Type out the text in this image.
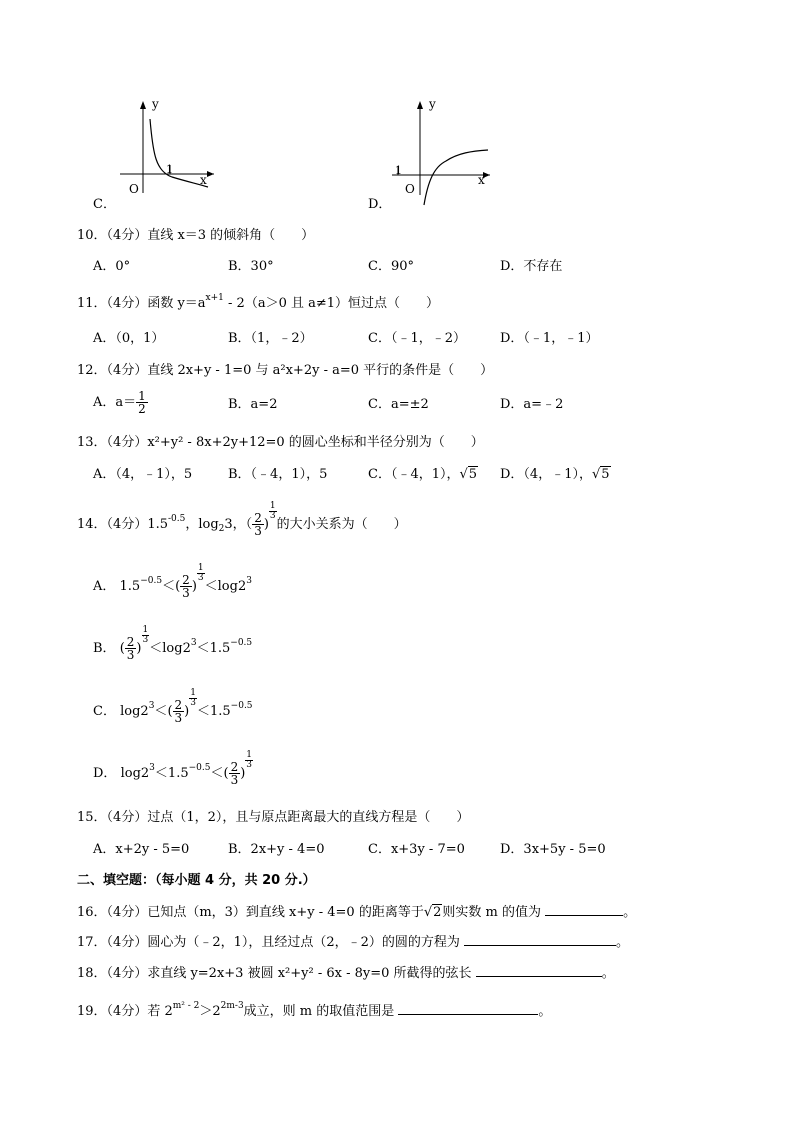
C．
y
x
O
1
D．
y
x
O
1
10．（4分）直线 x＝3 的倾斜角（　　）
A．0°	B．30°	C．90°	D．不存在
11．（4分）函数 $y=a^{x+1} - 2(a>0$ 且 a≠1）恒过点（　　）
A．（0，1）	B．（1，﹣2）	C．（﹣1，﹣2）	D．（﹣1，﹣1）
12．（4分）直线 2x+y - 1=0 与 a²x+2y - a=0 平行的条件是（　　）
A．$a= \frac{1}{2}$	B．a=2	C．a=±2	D．a=﹣2
13．（4分）x²+y² - 8x+2y+12=0 的圆心坐标和半径分别为（　　）
A．（4，﹣1），5	B．（﹣4，1），5	C．（﹣4，1），√5 D．（4，﹣1），√5
14．（4分）$1.5^{-0.5}$，$\log_23$，（ $\frac{2}{3}$ )
$\frac{1}{3}$
的大小关系为（　　）
A． $1.5^{-0.5}<( \frac{2}{3}$ )
$\frac{1}{3}$
$<\log 2^3$
B． ( $\frac{2}{3}$ )
$\frac{1}{3}$
$<\log 2^3<1.5^{-0.5}$
C． $\log 2^3<( \frac{2}{3}$ )
$\frac{1}{3}$
$<1.5^{-0.5}$
D． $\log 2^3<1.5^{-0.5}<( \frac{2}{3}$ )
$\frac{1}{3}$
15．（4分）过点（1，2），且与原点距离最大的直线方程是（　　）
A．x+2y - 5=0	B．2x+y - 4=0	C．x+3y - 7=0	D．3x+5y - 5=0
二、填空题：（每小题 4 分，共 20 分.）
16．（4分）已知点（m，3）到直线 x+y - 4=0 的距离等于√2则实数 m 的值为	。
17．（4分）圆心为（﹣2，1），且经过点（2，﹣2）的圆的方程为	。
18．（4分）求直线 y=2x+3 被圆 x²+y² - 6x - 8y=0 所截得的弦长	。
19．（4分）若 $2^{m^2 - 2}>2^{2m-3}$成立，则 m 的取值范围是	。
